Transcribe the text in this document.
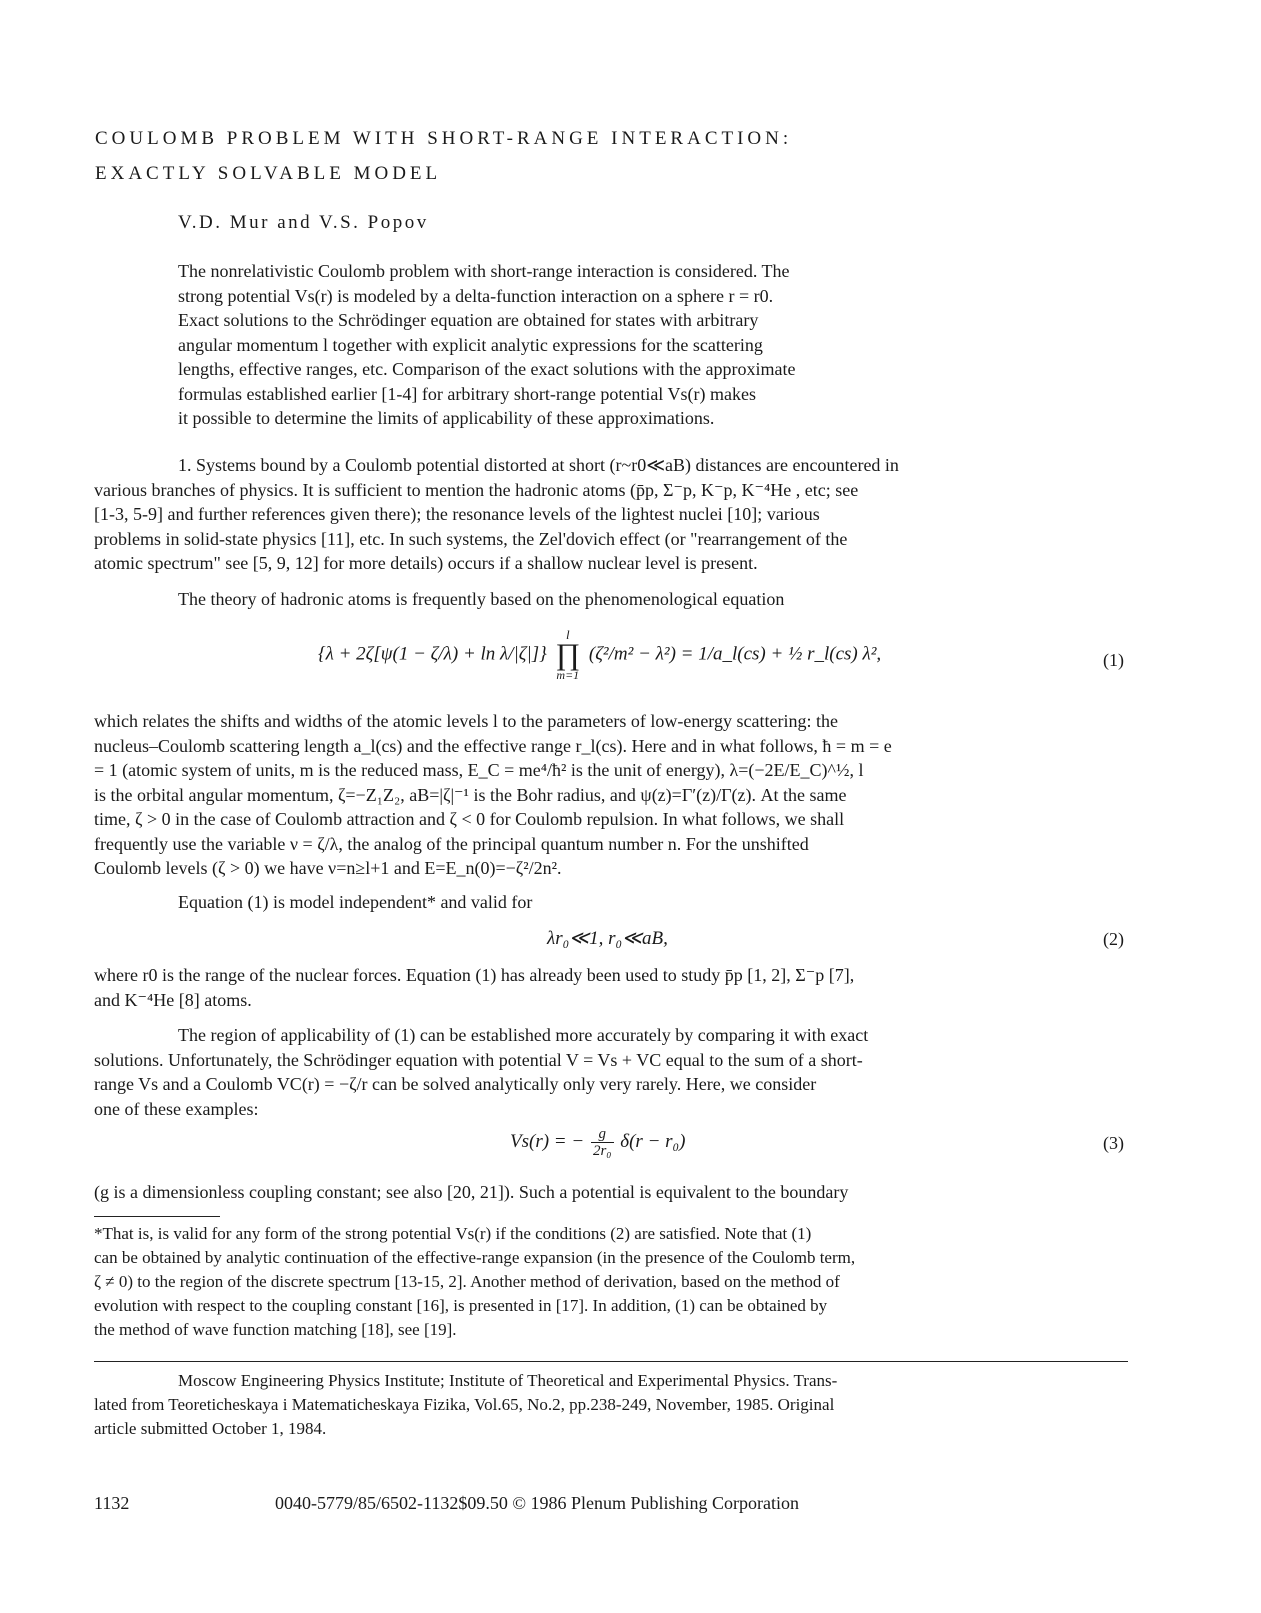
COULOMB PROBLEM WITH SHORT-RANGE INTERACTION:
EXACTLY SOLVABLE MODEL
V.D. Mur and V.S. Popov
The nonrelativistic Coulomb problem with short-range interaction is considered. The
strong potential Vs(r) is modeled by a delta-function interaction on a sphere r = r0.
Exact solutions to the Schrödinger equation are obtained for states with arbitrary
angular momentum l together with explicit analytic expressions for the scattering
lengths, effective ranges, etc. Comparison of the exact solutions with the approximate
formulas established earlier [1-4] for arbitrary short-range potential Vs(r) makes
it possible to determine the limits of applicability of these approximations.
1. Systems bound by a Coulomb potential distorted at short (r~r0≪aB) distances are encountered in
various branches of physics. It is sufficient to mention the hadronic atoms (p̄p, Σ⁻p, K⁻p, K⁻⁴He , etc; see
[1-3, 5-9] and further references given there); the resonance levels of the lightest nuclei [10]; various
problems in solid-state physics [11], etc. In such systems, the Zel'dovich effect (or "rearrangement of the
atomic spectrum" see [5, 9, 12] for more details) occurs if a shallow nuclear level is present.
The theory of hadronic atoms is frequently based on the phenomenological equation
{λ + 2ζ[ψ(1 − ζ/λ) + ln λ/|ζ|]}
l
∏
m=1
(ζ²/m² − λ²) = 1/a_l(cs) + ½ r_l(cs) λ²,	(1)
which relates the shifts and widths of the atomic levels l to the parameters of low-energy scattering: the
nucleus–Coulomb scattering length a_l(cs) and the effective range r_l(cs). Here and in what follows, ħ = m = e
= 1 (atomic system of units, m is the reduced mass, E_C = me⁴/ħ² is the unit of energy), λ=(−2E/E_C)^½, l
is the orbital angular momentum, ζ=−Z₁Z₂, aB=|ζ|⁻¹ is the Bohr radius, and ψ(z)=Γ′(z)/Γ(z). At the same
time, ζ > 0 in the case of Coulomb attraction and ζ < 0 for Coulomb repulsion. In what follows, we shall
frequently use the variable ν = ζ/λ, the analog of the principal quantum number n. For the unshifted
Coulomb levels (ζ > 0) we have ν=n≥l+1 and E=E_n(0)=−ζ²/2n².
Equation (1) is model independent* and valid for
λr₀≪1, r₀≪aB,	(2)
where r0 is the range of the nuclear forces. Equation (1) has already been used to study p̄p [1, 2], Σ⁻p [7],
and K⁻⁴He [8] atoms.
The region of applicability of (1) can be established more accurately by comparing it with exact
solutions. Unfortunately, the Schrödinger equation with potential V = Vs + VC equal to the sum of a short-
range Vs and a Coulomb VC(r) = −ζ/r can be solved analytically only very rarely. Here, we consider
one of these examples:
Vs(r) = − $\frac{g}{\text{2r₀}} \delta(r - r_0)$	(3)
(g is a dimensionless coupling constant; see also [20, 21]). Such a potential is equivalent to the boundary
*That is, is valid for any form of the strong potential Vs(r) if the conditions (2) are satisfied. Note that (1)
can be obtained by analytic continuation of the effective-range expansion (in the presence of the Coulomb term,
ζ ≠ 0) to the region of the discrete spectrum [13-15, 2]. Another method of derivation, based on the method of
evolution with respect to the coupling constant [16], is presented in [17]. In addition, (1) can be obtained by
the method of wave function matching [18], see [19].
Moscow Engineering Physics Institute; Institute of Theoretical and Experimental Physics. Trans-
lated from Teoreticheskaya i Matematicheskaya Fizika, Vol.65, No.2, pp.238-249, November, 1985. Original
article submitted October 1, 1984.
1132	0040-5779/85/6502-1132$09.50 © 1986 Plenum Publishing Corporation
